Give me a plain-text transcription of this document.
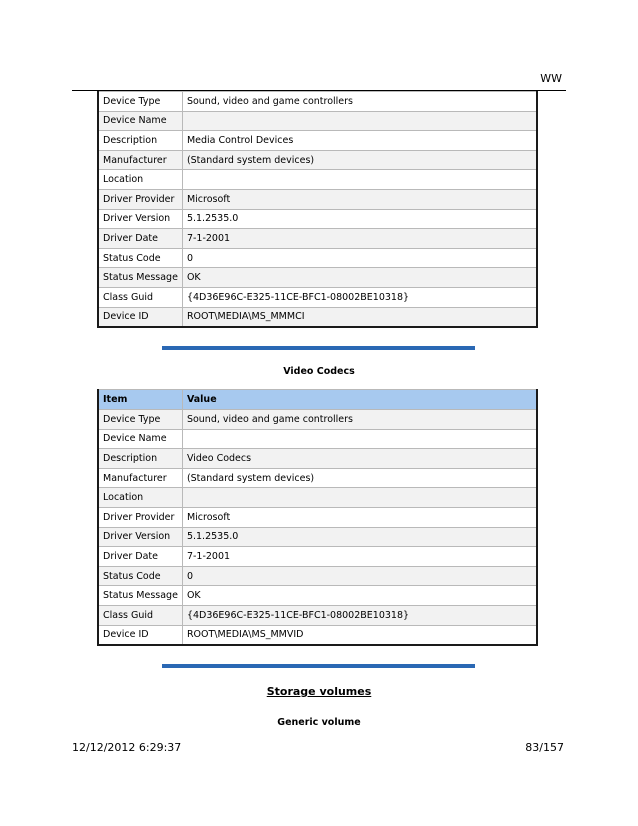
WW
Device Type	Sound, video and game controllers
Device Name	
Description	Media Control Devices
Manufacturer	(Standard system devices)
Location	
Driver Provider	Microsoft
Driver Version	5.1.2535.0
Driver Date	7-1-2001
Status Code	0
Status Message	OK
Class Guid	{4D36E96C-E325-11CE-BFC1-08002BE10318}
Device ID	ROOT\MEDIA\MS_MMMCI
Video Codecs
Item	Value
Device Type	Sound, video and game controllers
Device Name	
Description	Video Codecs
Manufacturer	(Standard system devices)
Location	
Driver Provider	Microsoft
Driver Version	5.1.2535.0
Driver Date	7-1-2001
Status Code	0
Status Message	OK
Class Guid	{4D36E96C-E325-11CE-BFC1-08002BE10318}
Device ID	ROOT\MEDIA\MS_MMVID
Storage volumes
Generic volume
12/12/2012 6:29:37	83/157
